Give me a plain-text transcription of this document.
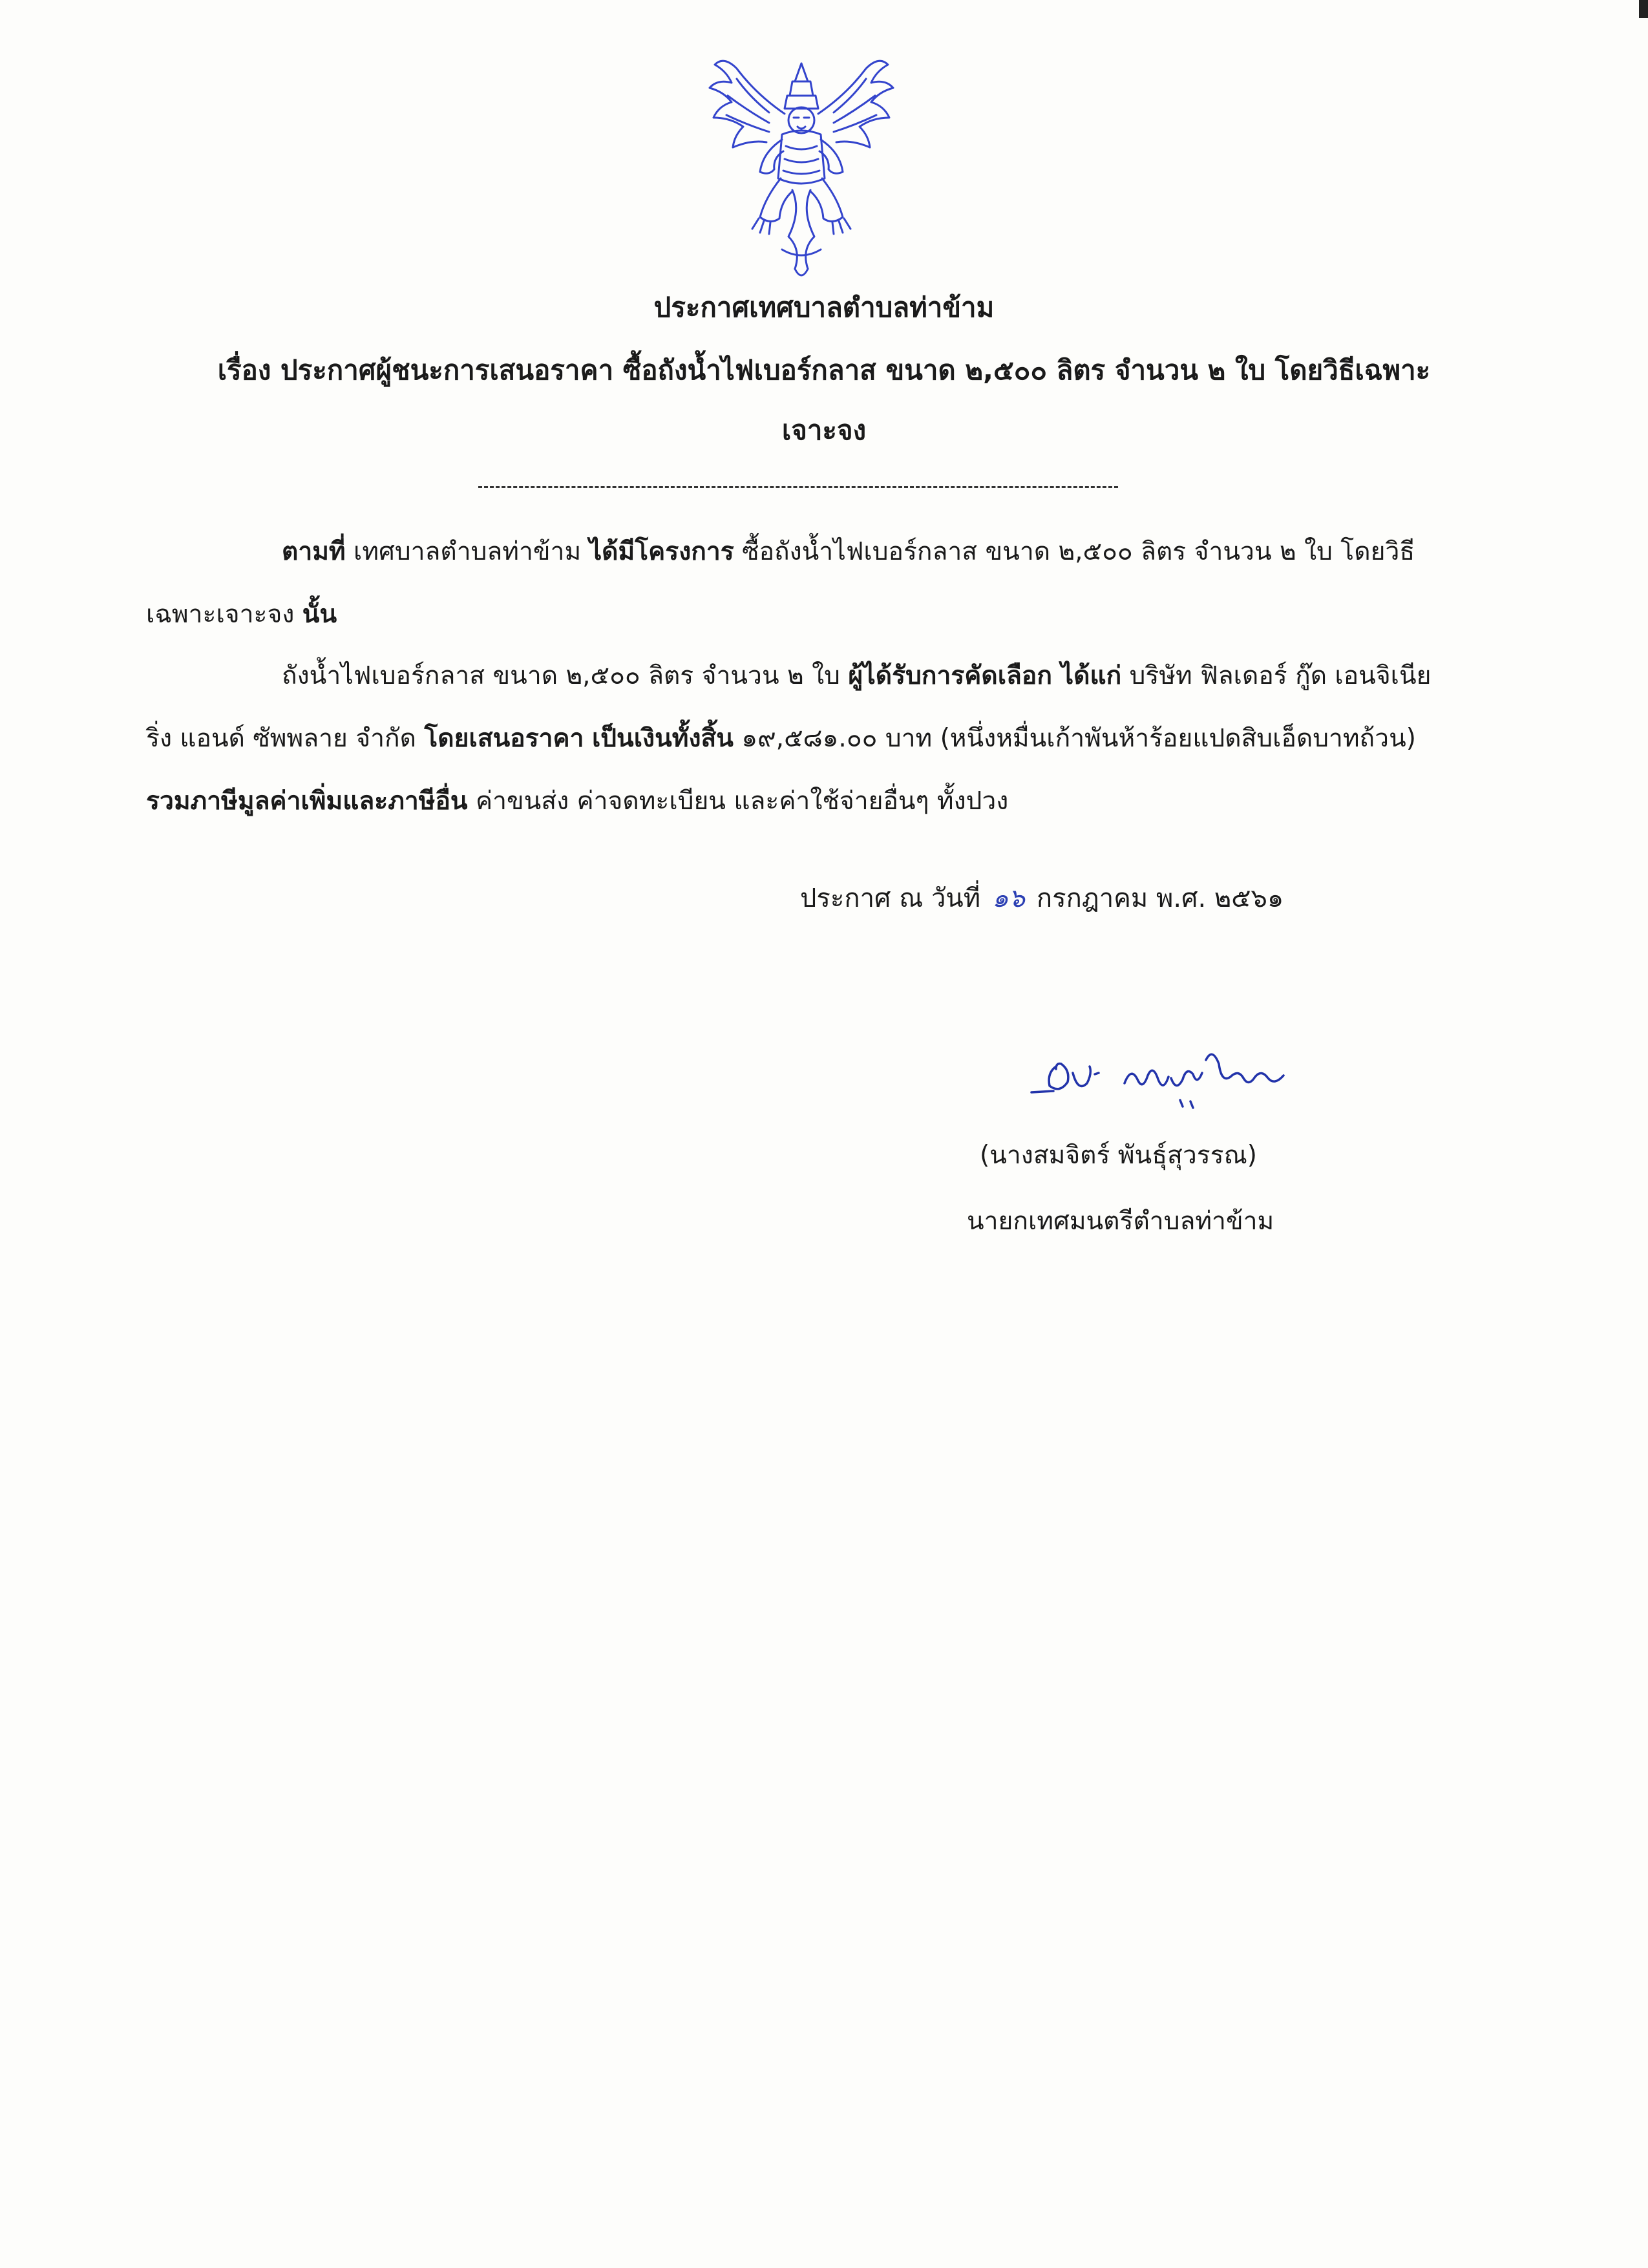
ประกาศเทศบาลตำบลท่าข้าม
เรื่อง ประกาศผู้ชนะการเสนอราคา ซื้อถังน้ำไฟเบอร์กลาส ขนาด ๒,๕๐๐ ลิตร จำนวน ๒ ใบ โดยวิธีเฉพาะ
เจาะจง
ตามที่ เทศบาลตำบลท่าข้าม ได้มีโครงการ ซื้อถังน้ำไฟเบอร์กลาส ขนาด ๒,๕๐๐ ลิตร จำนวน ๒ ใบ โดยวิธีเฉพาะเจาะจง นั้น
ถังน้ำไฟเบอร์กลาส ขนาด ๒,๕๐๐ ลิตร จำนวน ๒ ใบ ผู้ได้รับการคัดเลือก ได้แก่ บริษัท ฟิลเดอร์ กู๊ด เอนจิเนียริ่ง แอนด์ ซัพพลาย จำกัด โดยเสนอราคา เป็นเงินทั้งสิ้น ๑๙,๕๘๑.๐๐ บาท (หนึ่งหมื่นเก้าพันห้าร้อยแปดสิบเอ็ดบาทถ้วน) รวมภาษีมูลค่าเพิ่มและภาษีอื่น ค่าขนส่ง ค่าจดทะเบียน และค่าใช้จ่ายอื่นๆ ทั้งปวง
ประกาศ ณ วันที่ ๑๖ กรกฎาคม พ.ศ. ๒๕๖๑
(นางสมจิตร์ พันธุ์สุวรรณ)
นายกเทศมนตรีตำบลท่าข้าม
